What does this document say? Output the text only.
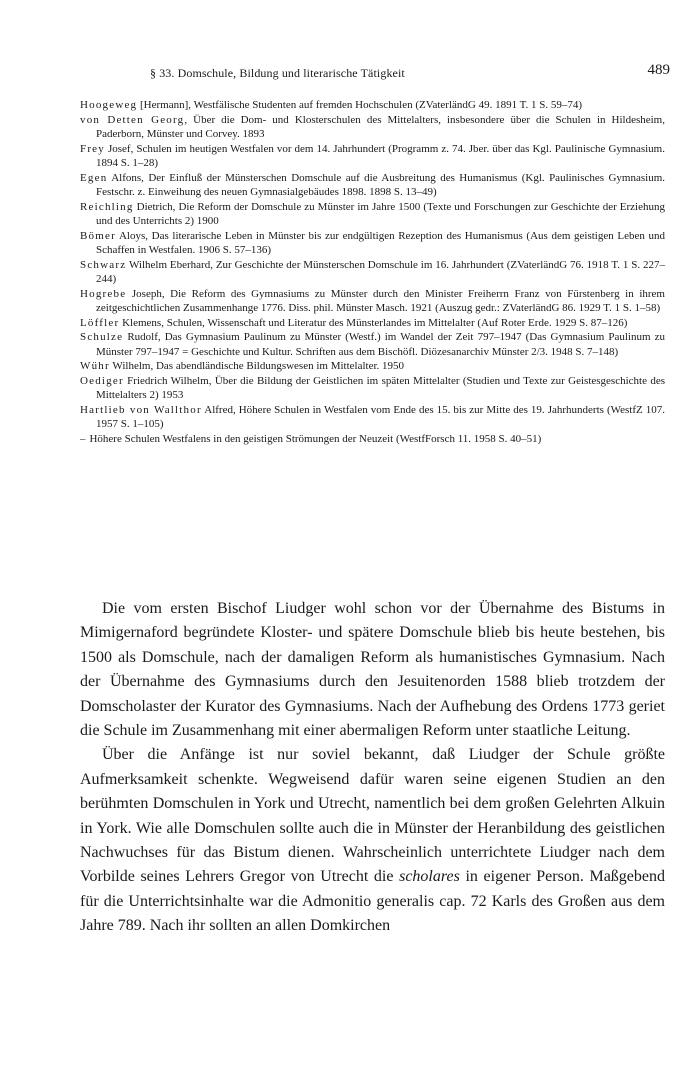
§ 33. Domschule, Bildung und literarische Tätigkeit	489

Hoogeweg [Hermann], Westfälische Studenten auf fremden Hochschulen (ZVaterländG 49. 1891 T. 1 S. 59–74)

von Detten Georg, Über die Dom- und Klosterschulen des Mittelalters, insbesondere über die Schulen in Hildesheim, Paderborn, Münster und Corvey. 1893

Frey Josef, Schulen im heutigen Westfalen vor dem 14. Jahrhundert (Programm z. 74. Jber. über das Kgl. Paulinische Gymnasium. 1894 S. 1–28)

Egen Alfons, Der Einfluß der Münsterschen Domschule auf die Ausbreitung des Humanismus (Kgl. Paulinisches Gymnasium. Festschr. z. Einweihung des neuen Gymnasialgebäudes 1898. 1898 S. 13–49)

Reichling Dietrich, Die Reform der Domschule zu Münster im Jahre 1500 (Texte und Forschungen zur Geschichte der Erziehung und des Unterrichts 2) 1900

Bömer Aloys, Das literarische Leben in Münster bis zur endgültigen Rezeption des Humanismus (Aus dem geistigen Leben und Schaffen in Westfalen. 1906 S. 57–136)

Schwarz Wilhelm Eberhard, Zur Geschichte der Münsterschen Domschule im 16. Jahrhundert (ZVaterländG 76. 1918 T. 1 S. 227–244)

Hogrebe Joseph, Die Reform des Gymnasiums zu Münster durch den Minister Freiherrn Franz von Fürstenberg in ihrem zeitgeschichtlichen Zusammenhange 1776. Diss. phil. Münster Masch. 1921 (Auszug gedr.: ZVaterländG 86. 1929 T. 1 S. 1–58)

Löffler Klemens, Schulen, Wissenschaft und Literatur des Münsterlandes im Mittelalter (Auf Roter Erde. 1929 S. 87–126)

Schulze Rudolf, Das Gymnasium Paulinum zu Münster (Westf.) im Wandel der Zeit 797–1947 (Das Gymnasium Paulinum zu Münster 797–1947 = Geschichte und Kultur. Schriften aus dem Bischöfl. Diözesanarchiv Münster 2/3. 1948 S. 7–148)

Wühr Wilhelm, Das abendländische Bildungswesen im Mittelalter. 1950

Oediger Friedrich Wilhelm, Über die Bildung der Geistlichen im späten Mittelalter (Studien und Texte zur Geistesgeschichte des Mittelalters 2) 1953

Hartlieb von Wallthor Alfred, Höhere Schulen in Westfalen vom Ende des 15. bis zur Mitte des 19. Jahrhunderts (WestfZ 107. 1957 S. 1–105)

– Höhere Schulen Westfalens in den geistigen Strömungen der Neuzeit (WestfForsch 11. 1958 S. 40–51)

Die vom ersten Bischof Liudger wohl schon vor der Übernahme des Bistums in Mimigernaford begründete Kloster- und spätere Domschule blieb bis heute bestehen, bis 1500 als Domschule, nach der damaligen Reform als humanistisches Gymnasium. Nach der Übernahme des Gymnasiums durch den Jesuitenorden 1588 blieb trotzdem der Domscholaster der Kurator des Gymnasiums. Nach der Aufhebung des Ordens 1773 geriet die Schule im Zusammenhang mit einer abermaligen Reform unter staatliche Leitung.

Über die Anfänge ist nur soviel bekannt, daß Liudger der Schule größte Aufmerksamkeit schenkte. Wegweisend dafür waren seine eigenen Studien an den berühmten Domschulen in York und Utrecht, namentlich bei dem großen Gelehrten Alkuin in York. Wie alle Domschulen sollte auch die in Münster der Heranbildung des geistlichen Nachwuchses für das Bistum dienen. Wahrscheinlich unterrichtete Liudger nach dem Vorbilde seines Lehrers Gregor von Utrecht die scholares in eigener Person. Maßgebend für die Unterrichtsinhalte war die Admonitio generalis cap. 72 Karls des Großen aus dem Jahre 789. Nach ihr sollten an allen Domkirchen
